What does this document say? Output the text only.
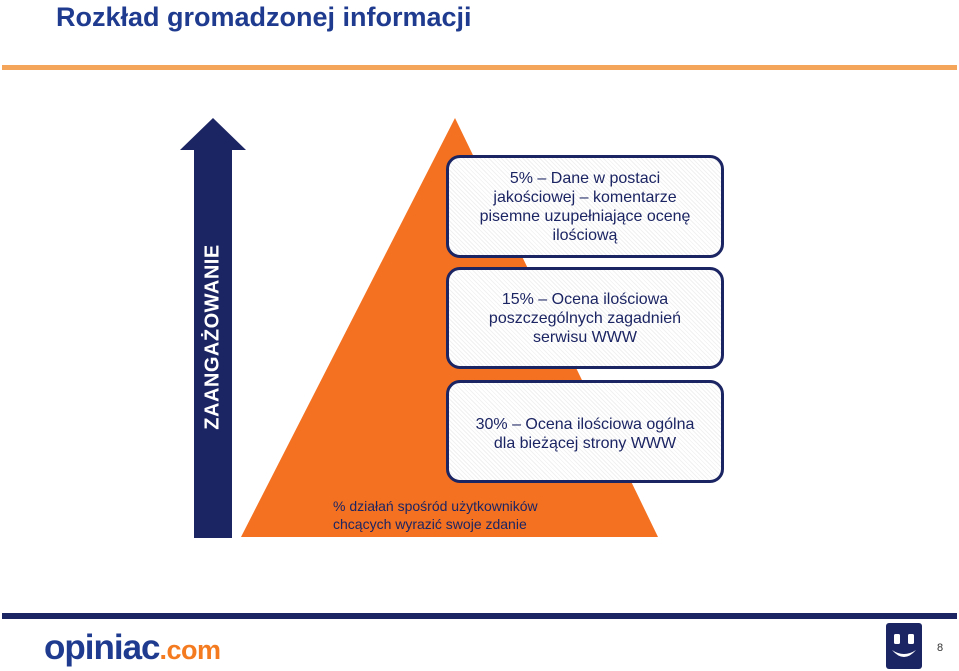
Rozkład gromadzonej informacji
ZAANGAŻOWANIE
5% – Dane w postaci
jakościowej – komentarze
pisemne uzupełniające ocenę
ilościową
15% – Ocena ilościowa
poszczególnych zagadnień
serwisu WWW
30% – Ocena ilościowa ogólna
dla bieżącej strony WWW
% działań spośród użytkowników
chcących wyrazić swoje zdanie
opiniac.com	8
